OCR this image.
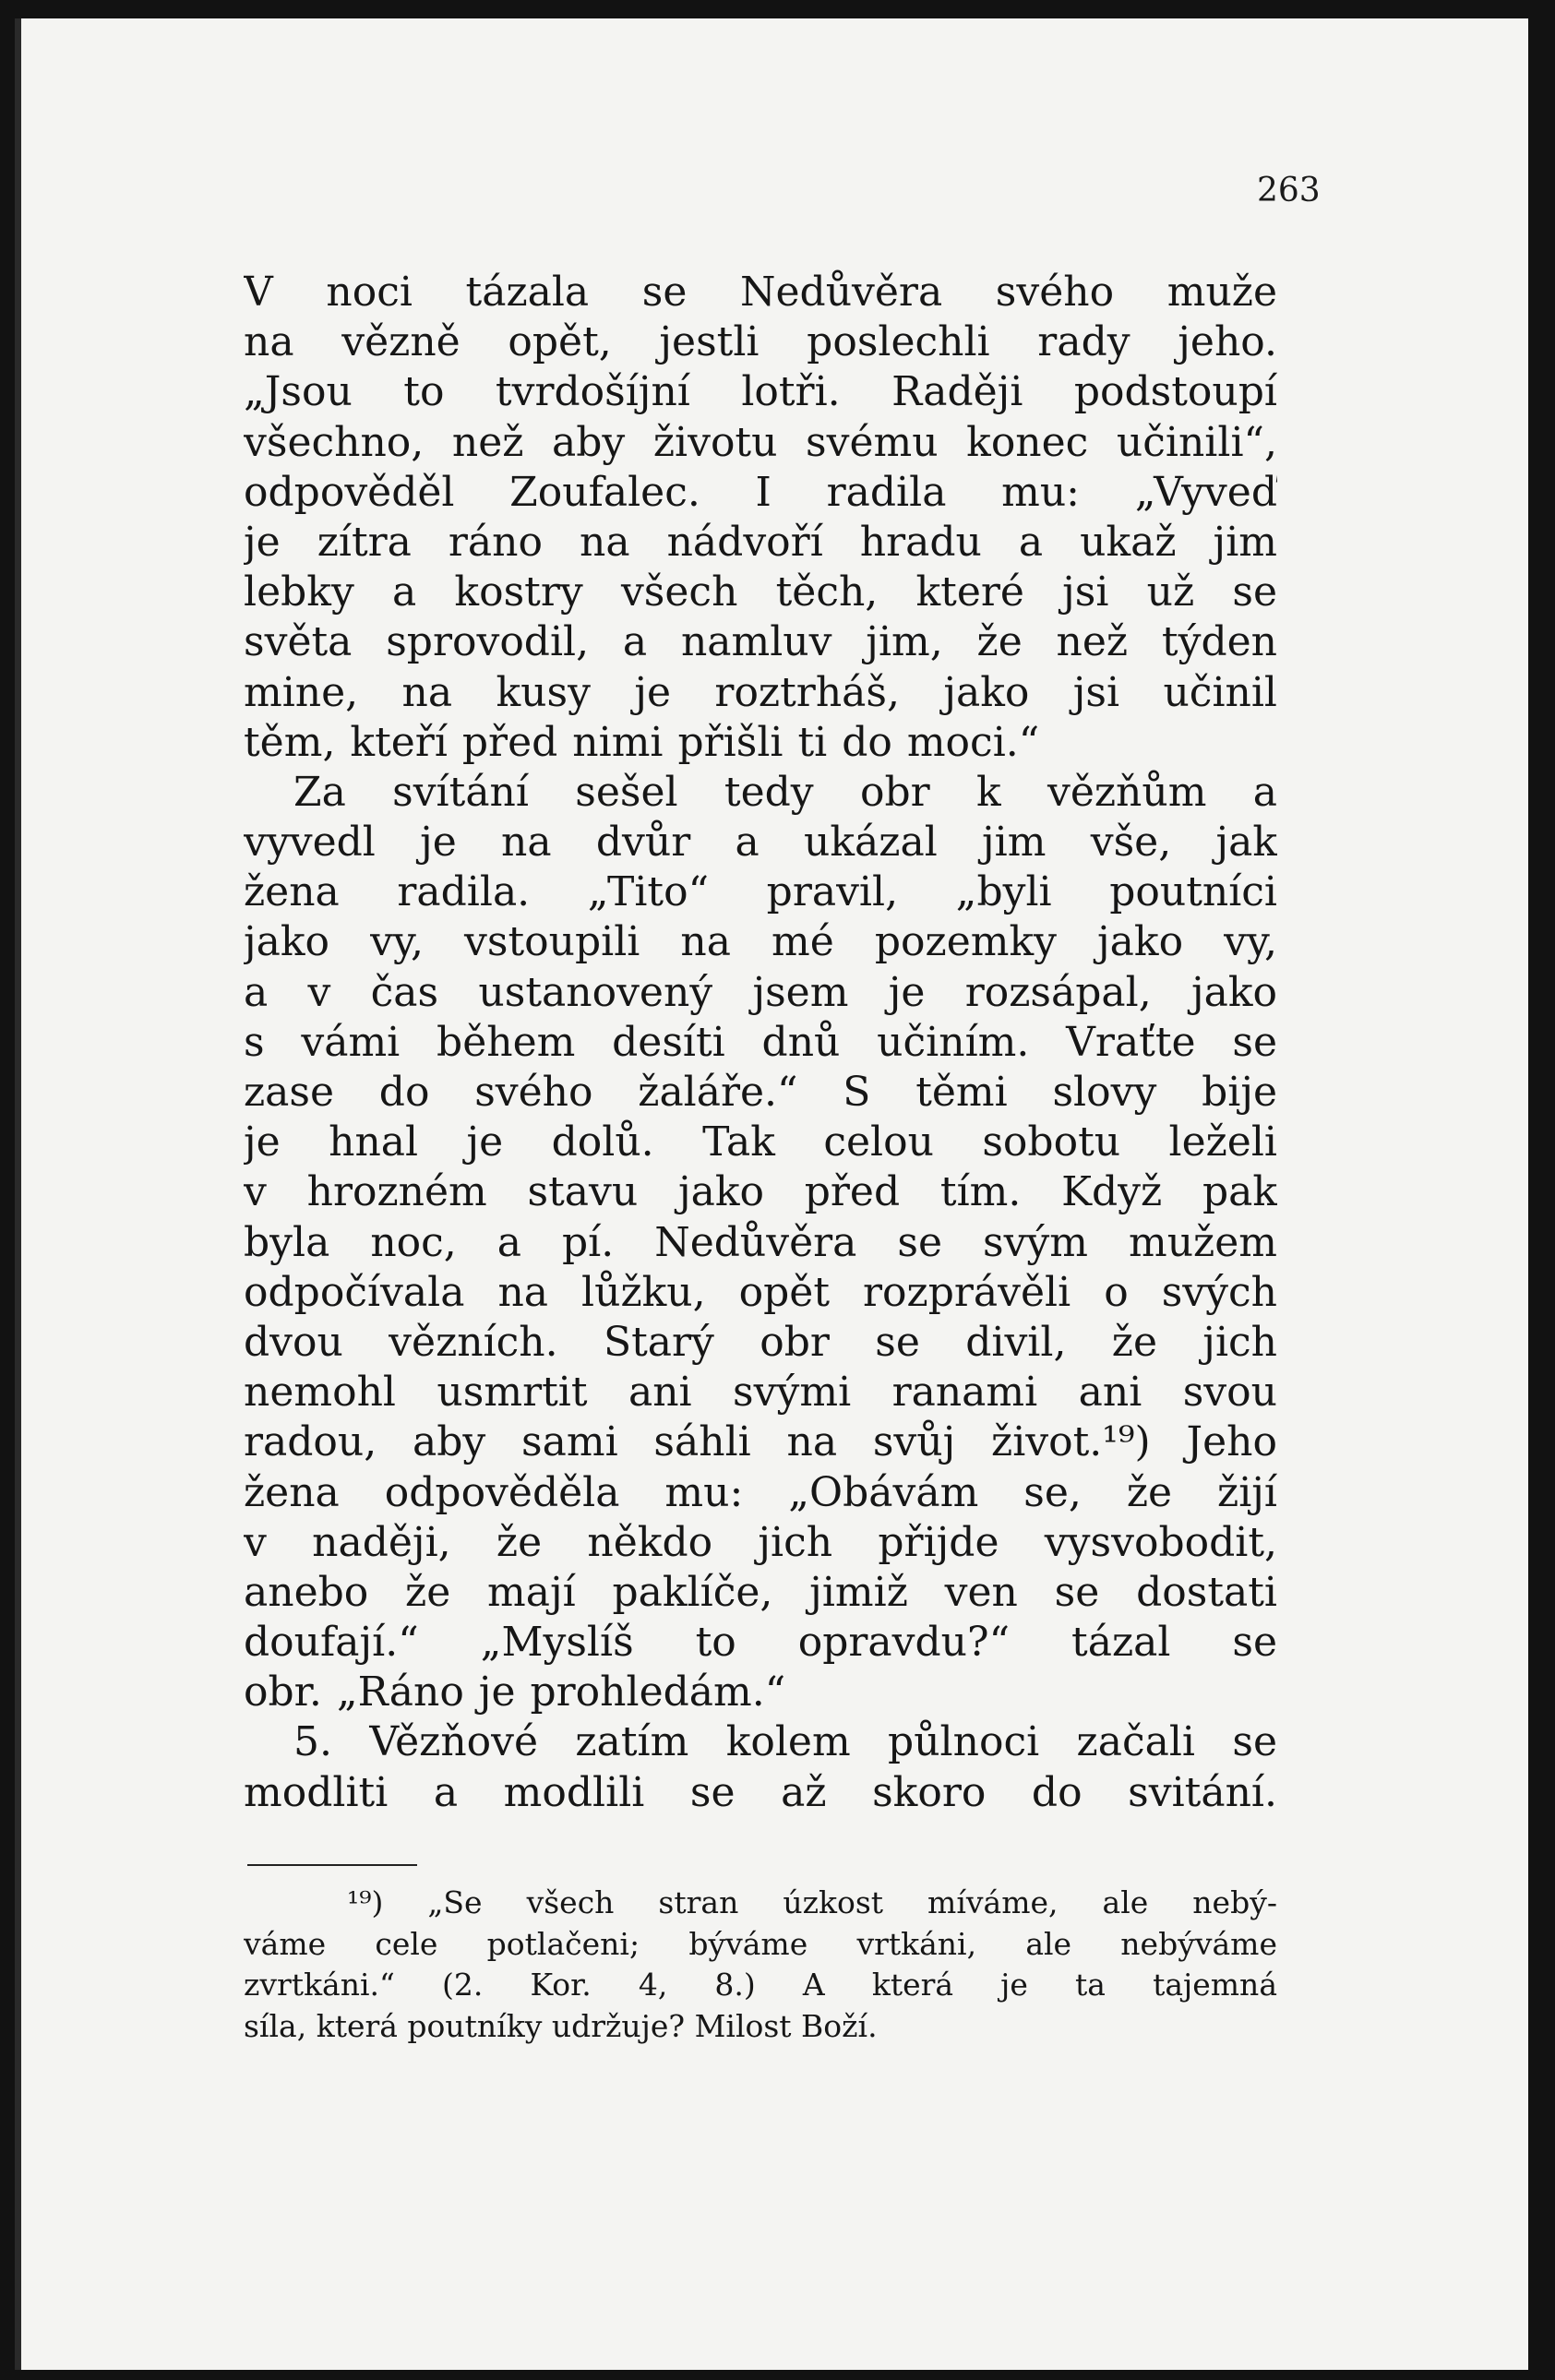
263

V noci tázala se Nedůvěra svého muže
na vězně opět, jestli poslechli rady jeho.
„Jsou to tvrdošíjní lotři. Raději podstoupí
všechno, než aby životu svému konec učinili“,
odpověděl Zoufalec. I radila mu: „Vyveď
je zítra ráno na nádvoří hradu a ukaž jim
lebky a kostry všech těch, které jsi už se
světa sprovodil, a namluv jim, že než týden
mine, na kusy je roztrháš, jako jsi učinil
těm, kteří před nimi přišli ti do moci.“
Za svítání sešel tedy obr k vězňům a
vyvedl je na dvůr a ukázal jim vše, jak
žena radila. „Tito“ pravil, „byli poutníci
jako vy, vstoupili na mé pozemky jako vy,
a v čas ustanovený jsem je rozsápal, jako
s vámi během desíti dnů učiním. Vraťte se
zase do svého žaláře.“ S těmi slovy bije
je hnal je dolů. Tak celou sobotu leželi
v hrozném stavu jako před tím. Když pak
byla noc, a pí. Nedůvěra se svým mužem
odpočívala na lůžku, opět rozprávěli o svých
dvou vězních. Starý obr se divil, že jich
nemohl usmrtit ani svými ranami ani svou
radou, aby sami sáhli na svůj život.¹⁹) Jeho
žena odpověděla mu: „Obávám se, že žijí
v naději, že někdo jich přijde vysvobodit,
anebo že mají paklíče, jimiž ven se dostati
doufají.“ „Myslíš to opravdu?“ tázal se
obr. „Ráno je prohledám.“
5. Vězňové zatím kolem půlnoci začali se
modliti a modlili se až skoro do svitání.
¹⁹) „Se všech stran úzkost míváme, ale nebý-
váme cele potlačeni; býváme vrtkáni, ale nebýváme
zvrtkáni.“ (2. Kor. 4, 8.) A která je ta tajemná
síla, která poutníky udržuje? Milost Boží.
